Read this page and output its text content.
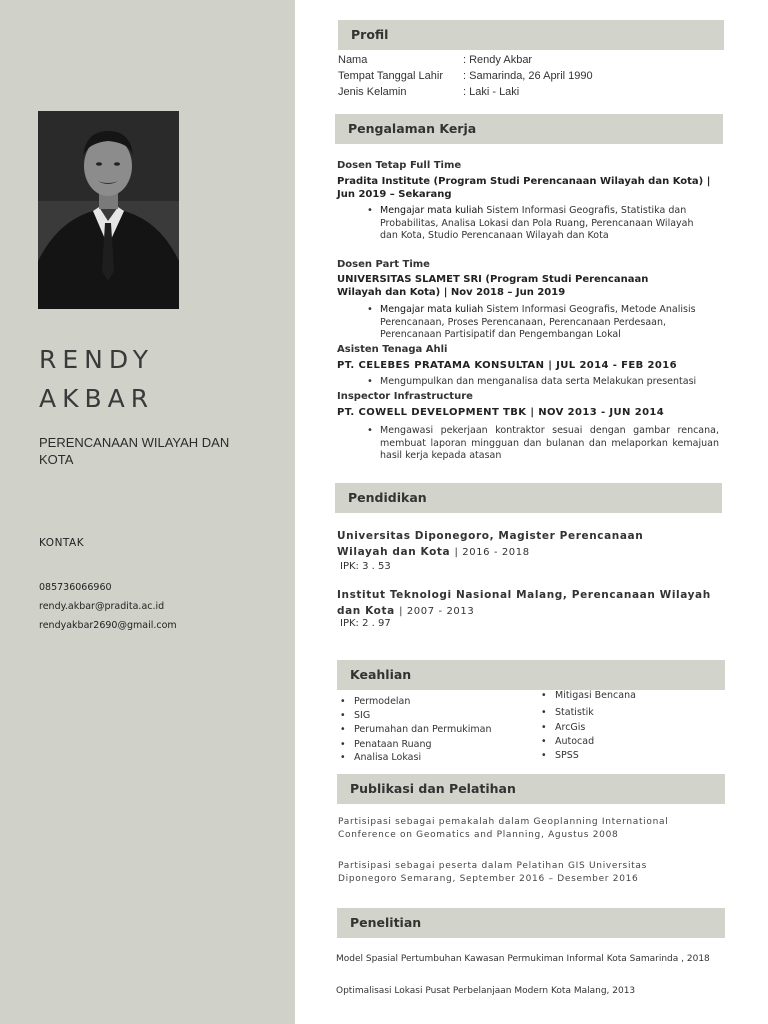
RENDY
AKBAR
PERENCANAAN WILAYAH DAN KOTA
KONTAK
085736066960
rendy.akbar@pradita.ac.id
rendyakbar2690@gmail.com
Profil
Nama	: Rendy Akbar
Tempat Tanggal Lahir : Samarinda, 26 April 1990
Jenis Kelamin	: Laki - Laki
Pengalaman Kerja
Dosen Tetap Full Time
Pradita Institute (Program Studi Perencanaan Wilayah dan Kota) | Jun 2019 – Sekarang
• Mengajar mata kuliah Sistem Informasi Geografis, Statistika dan Probabilitas, Analisa Lokasi dan Pola Ruang, Perencanaan Wilayah dan Kota, Studio Perencanaan Wilayah dan Kota
Dosen Part Time
UNIVERSITAS SLAMET SRI (Program Studi Perencanaan Wilayah dan Kota) | Nov 2018 – Jun 2019
• Mengajar mata kuliah Sistem Informasi Geografis, Metode Analisis Perencanaan, Proses Perencanaan, Perencanaan Perdesaan, Perencanaan Partisipatif dan Pengembangan Lokal
Asisten Tenaga Ahli
PT. CELEBES PRATAMA KONSULTAN | JUL 2014 - FEB 2016
• Mengumpulkan dan menganalisa data serta Melakukan presentasi
Inspector Infrastructure
PT. COWELL DEVELOPMENT TBK | NOV 2013 - JUN 2014
• Mengawasi pekerjaan kontraktor sesuai dengan gambar rencana, membuat laporan mingguan dan bulanan dan melaporkan kemajuan hasil kerja kepada atasan
Pendidikan
Universitas Diponegoro, Magister Perencanaan Wilayah dan Kota | 2016 - 2018
IPK: 3 . 53
Institut Teknologi Nasional Malang, Perencanaan Wilayah dan Kota | 2007 - 2013
IPK: 2 . 97
Keahlian
• Permodelan
• SIG
• Perumahan dan Permukiman
• Penataan Ruang
• Analisa Lokasi
• Mitigasi Bencana
• Statistik
• ArcGis
• Autocad
• SPSS
Publikasi dan Pelatihan
Partisipasi sebagai pemakalah dalam Geoplanning International Conference on Geomatics and Planning, Agustus 2008
Partisipasi sebagai peserta dalam Pelatihan GIS Universitas Diponegoro Semarang, September 2016 – Desember 2016
Penelitian
Model Spasial Pertumbuhan Kawasan Permukiman Informal Kota Samarinda , 2018
Optimalisasi Lokasi Pusat Perbelanjaan Modern Kota Malang, 2013
